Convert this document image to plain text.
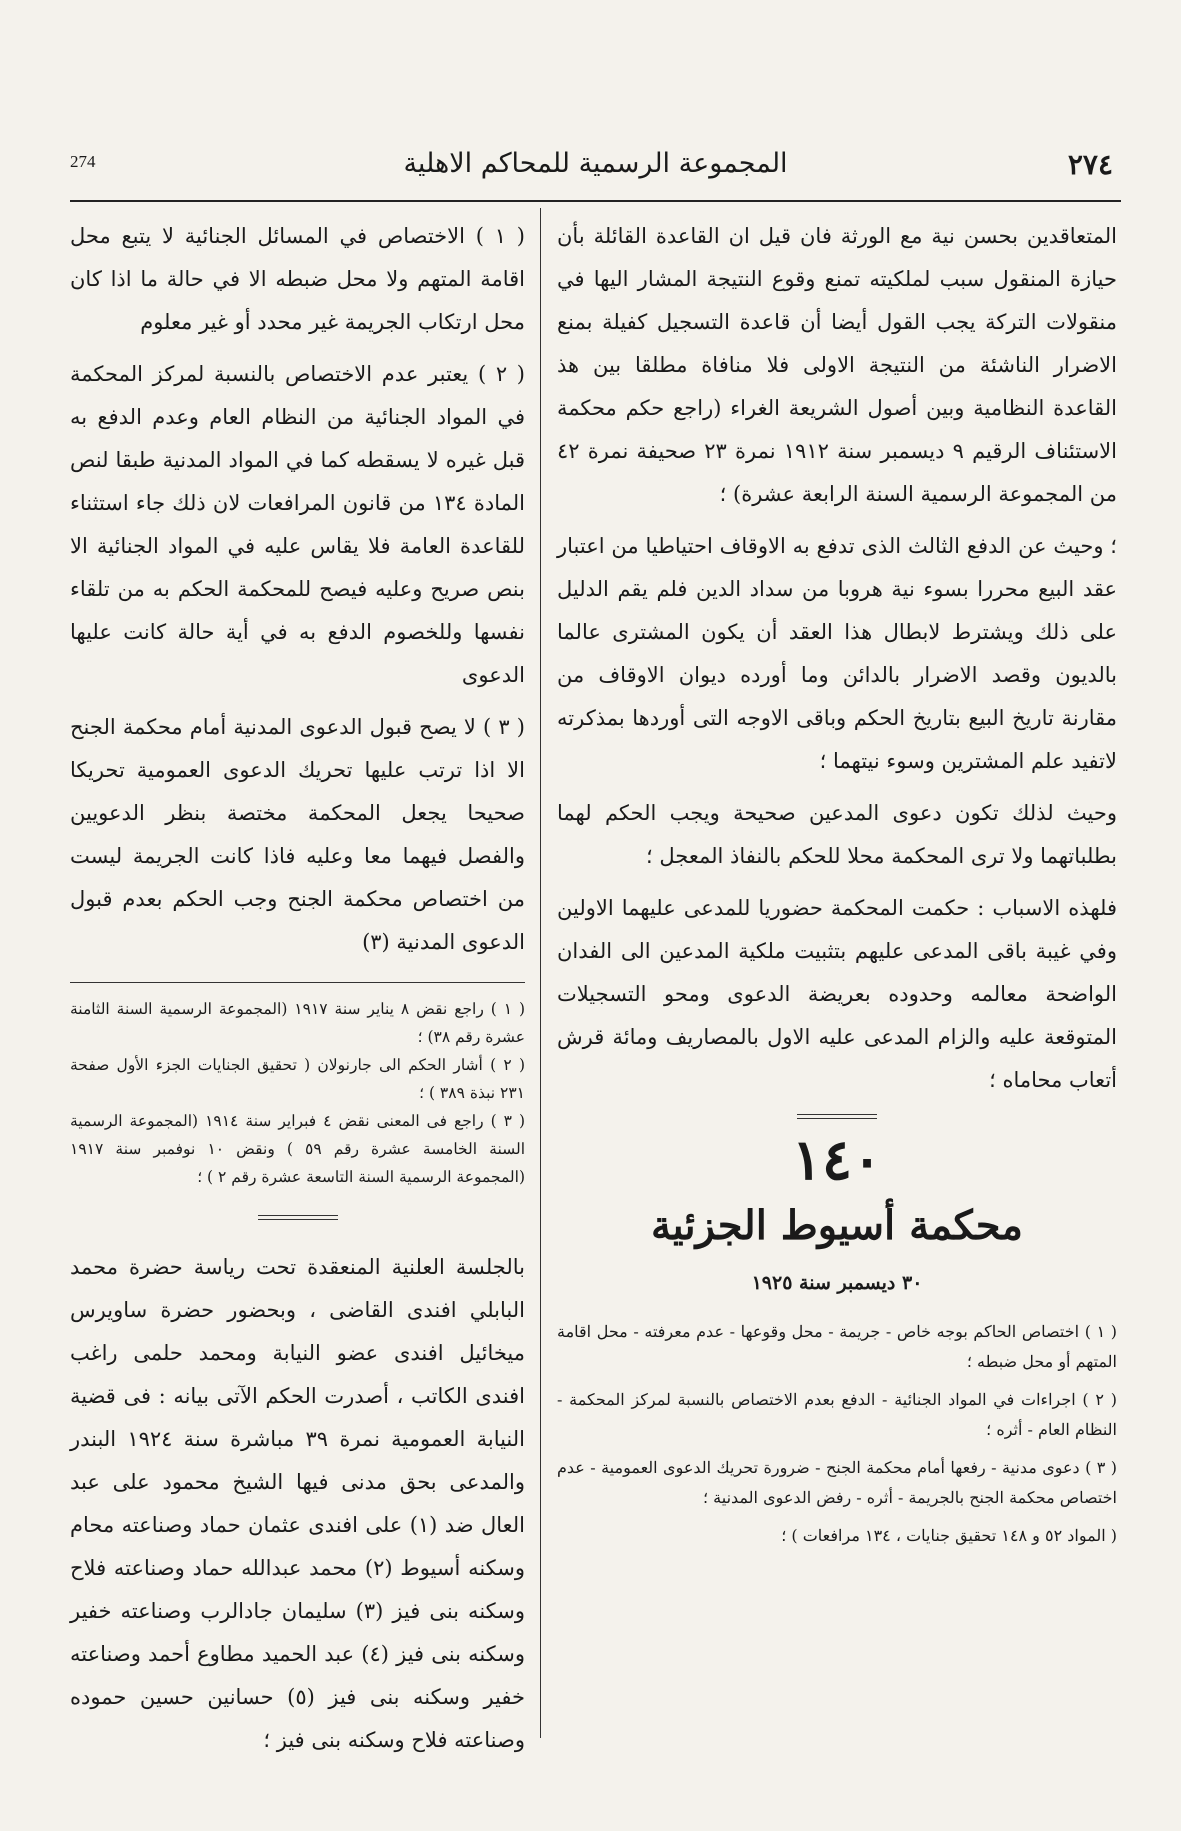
274	المجموعة الرسمية للمحاكم الاهلية	٢٧٤

المتعاقدين بحسن نية مع الورثة فان قيل ان القاعدة القائلة بأن حيازة المنقول سبب لملكيته تمنع وقوع النتيجة المشار اليها في منقولات التركة يجب القول أيضا أن قاعدة التسجيل كفيلة بمنع الاضرار الناشئة من النتيجة الاولى فلا منافاة مطلقا بين هذ القاعدة النظامية وبين أصول الشريعة الغراء (راجع حكم محكمة الاستئناف الرقيم ٩ ديسمبر سنة ١٩١٢ نمرة ٢٣ صحيفة نمرة ٤٢ من المجموعة الرسمية السنة الرابعة عشرة) ؛

؛ وحيث عن الدفع الثالث الذى تدفع به الاوقاف احتياطيا من اعتبار عقد البيع محررا بسوء نية هروبا من سداد الدين فلم يقم الدليل على ذلك ويشترط لابطال هذا العقد أن يكون المشترى عالما بالديون وقصد الاضرار بالدائن وما أورده ديوان الاوقاف من مقارنة تاريخ البيع بتاريخ الحكم وباقى الاوجه التى أوردها بمذكرته لاتفيد علم المشترين وسوء نيتهما ؛

وحيث لذلك تكون دعوى المدعين صحيحة ويجب الحكم لهما بطلباتهما ولا ترى المحكمة محلا للحكم بالنفاذ المعجل ؛

فلهذه الاسباب : حكمت المحكمة حضوريا للمدعى عليهما الاولين وفي غيبة باقى المدعى عليهم بتثبيت ملكية المدعين الى الفدان الواضحة معالمه وحدوده بعريضة الدعوى ومحو التسجيلات المتوقعة عليه والزام المدعى عليه الاول بالمصاريف ومائة قرش أتعاب محاماه ؛

١٤٠
محكمة أسيوط الجزئية
٣٠ ديسمبر سنة ١٩٢٥

( ١ ) اختصاص الحاكم بوجه خاص - جريمة - محل وقوعها - عدم معرفته - محل اقامة المتهم أو محل ضبطه ؛

( ٢ ) اجراءات في المواد الجنائية - الدفع بعدم الاختصاص بالنسبة لمركز المحكمة - النظام العام - أثره ؛

( ٣ ) دعوى مدنية - رفعها أمام محكمة الجنح - ضرورة تحريك الدعوى العمومية - عدم اختصاص محكمة الجنح بالجريمة - أثره - رفض الدعوى المدنية ؛

( المواد ٥٢ و ١٤٨ تحقيق جنايات ، ١٣٤ مرافعات ) ؛

( ١ ) الاختصاص في المسائل الجنائية لا يتبع محل اقامة المتهم ولا محل ضبطه الا في حالة ما اذا كان محل ارتكاب الجريمة غير محدد أو غير معلوم

( ٢ ) يعتبر عدم الاختصاص بالنسبة لمركز المحكمة في المواد الجنائية من النظام العام وعدم الدفع به قبل غيره لا يسقطه كما في المواد المدنية طبقا لنص المادة ١٣٤ من قانون المرافعات لان ذلك جاء استثناء للقاعدة العامة فلا يقاس عليه في المواد الجنائية الا بنص صريح وعليه فيصح للمحكمة الحكم به من تلقاء نفسها وللخصوم الدفع به في أية حالة كانت عليها الدعوى

( ٣ ) لا يصح قبول الدعوى المدنية أمام محكمة الجنح الا اذا ترتب عليها تحريك الدعوى العمومية تحريكا صحيحا يجعل المحكمة مختصة بنظر الدعويين والفصل فيهما معا وعليه فاذا كانت الجريمة ليست من اختصاص محكمة الجنح وجب الحكم بعدم قبول الدعوى المدنية (٣)

( ١ ) راجع نقض ٨ يناير سنة ١٩١٧ (المجموعة الرسمية السنة الثامنة عشرة رقم ٣٨) ؛

( ٢ ) أشار الحكم الى جارنولان ( تحقيق الجنايات الجزء الأول صفحة ٢٣١ نبذة ٣٨٩ ) ؛

( ٣ ) راجع فى المعنى نقض ٤ فبراير سنة ١٩١٤ (المجموعة الرسمية السنة الخامسة عشرة رقم ٥٩ ) ونقض ١٠ نوفمبر سنة ١٩١٧ (المجموعة الرسمية السنة التاسعة عشرة رقم ٢ ) ؛

بالجلسة العلنية المنعقدة تحت رياسة حضرة محمد البابلي افندى القاضى ، وبحضور حضرة ساويرس ميخائيل افندى عضو النيابة ومحمد حلمى راغب افندى الكاتب ، أصدرت الحكم الآتى بيانه : فى قضية النيابة العمومية نمرة ٣٩ مباشرة سنة ١٩٢٤ البندر والمدعى بحق مدنى فيها الشيخ محمود على عبد العال ضد (١) على افندى عثمان حماد وصناعته محام وسكنه أسيوط (٢) محمد عبدالله حماد وصناعته فلاح وسكنه بنى فيز (٣) سليمان جادالرب وصناعته خفير وسكنه بنى فيز (٤) عبد الحميد مطاوع أحمد وصناعته خفير وسكنه بنى فيز (٥) حسانين حسين حموده وصناعته فلاح وسكنه بنى فيز ؛
